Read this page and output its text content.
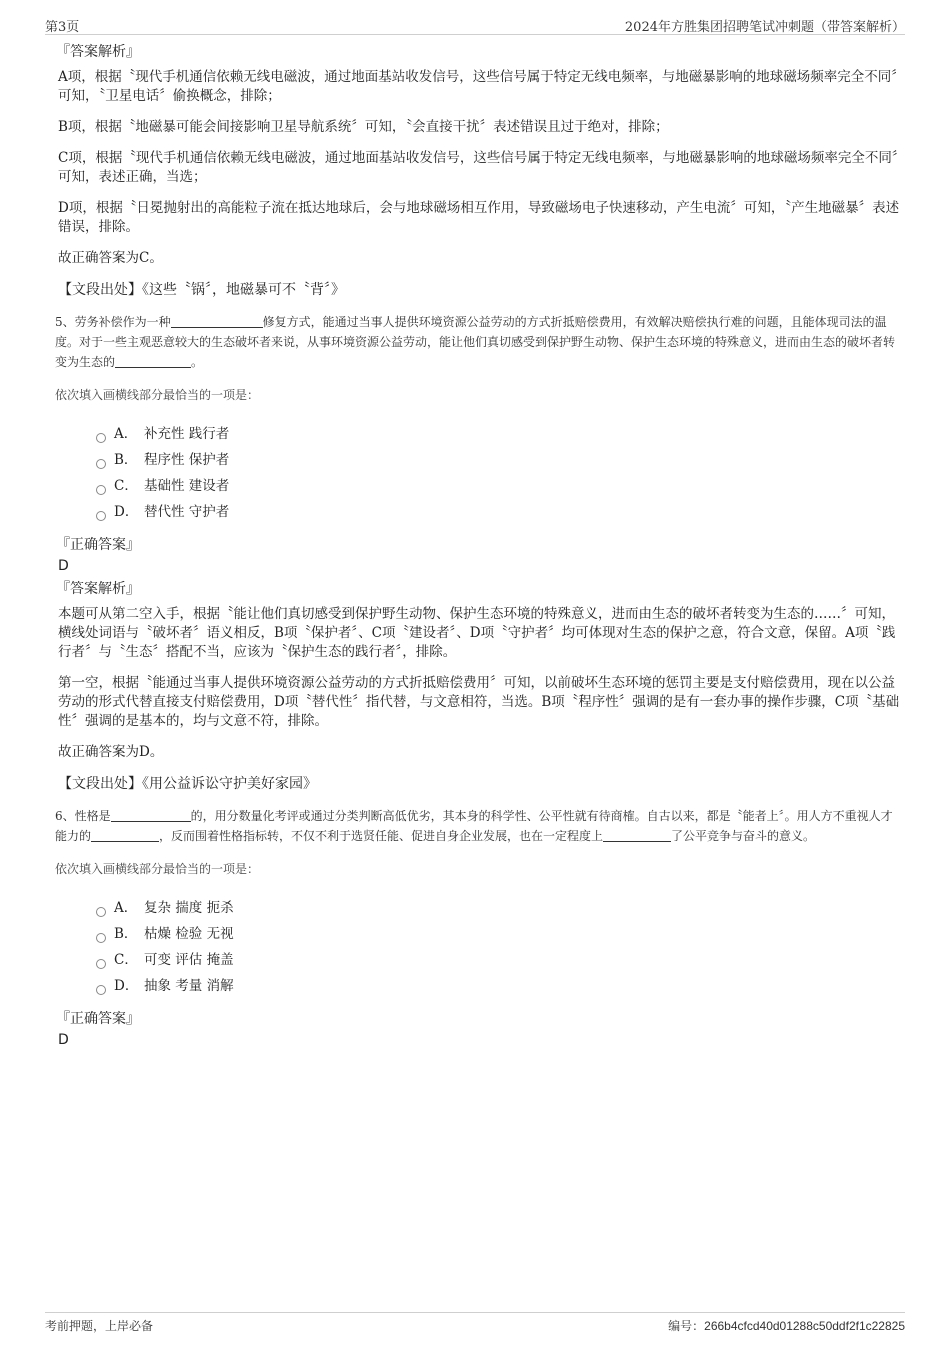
第3页	2024年方胜集团招聘笔试冲刺题（带答案解析）
『答案解析』

A项，根据〝现代手机通信依赖无线电磁波，通过地面基站收发信号，这些信号属于特定无线电频率，与地磁暴影响的地球磁场频率完全不同〞可知，〝卫星电话〞偷换概念，排除；

B项，根据〝地磁暴可能会间接影响卫星导航系统〞可知，〝会直接干扰〞表述错误且过于绝对，排除；

C项，根据〝现代手机通信依赖无线电磁波，通过地面基站收发信号，这些信号属于特定无线电频率，与地磁暴影响的地球磁场频率完全不同〞可知，表述正确，当选；

D项，根据〝日冕抛射出的高能粒子流在抵达地球后，会与地球磁场相互作用，导致磁场电子快速移动，产生电流〞可知，〝产生地磁暴〞表述错误，排除。

故正确答案为C。

【文段出处】《这些〝锅〞，地磁暴可不〝背〞》
5、劳务补偿作为一种	修复方式，能通过当事人提供环境资源公益劳动的方式折抵赔偿费用，有效解决赔偿执行难的问题，且能体现司法的温度。对于一些主观恶意较大的生态破坏者来说，从事环境资源公益劳动，能让他们真切感受到保护野生动物、保护生态环境的特殊意义，进而由生态的破坏者转变为生态的	。
依次填入画横线部分最恰当的一项是：
A． 补充性 践行者
B． 程序性 保护者
C． 基础性 建设者
D． 替代性 守护者
『正确答案』
D
『答案解析』

本题可从第二空入手，根据〝能让他们真切感受到保护野生动物、保护生态环境的特殊意义，进而由生态的破坏者转变为生态的……〞可知，横线处词语与〝破坏者〞语义相反，B项〝保护者〞、C项〝建设者〞、D项〝守护者〞均可体现对生态的保护之意，符合文意，保留。A项〝践行者〞与〝生态〞搭配不当，应该为〝保护生态的践行者〞，排除。

第一空，根据〝能通过当事人提供环境资源公益劳动的方式折抵赔偿费用〞可知，以前破坏生态环境的惩罚主要是支付赔偿费用，现在以公益劳动的形式代替直接支付赔偿费用，D项〝替代性〞指代替，与文意相符，当选。B项〝程序性〞强调的是有一套办事的操作步骤，C项〝基础性〞强调的是基本的，均与文意不符，排除。

故正确答案为D。

【文段出处】《用公益诉讼守护美好家园》
6、性格是	的，用分数量化考评或通过分类判断高低优劣，其本身的科学性、公平性就有待商榷。自古以来，都是〝能者上〞。用人方不重视人才能力的	，反而围着性格指标转，不仅不利于选贤任能、促进自身企业发展，也在一定程度上	了公平竞争与奋斗的意义。
依次填入画横线部分最恰当的一项是：
A． 复杂 揣度 扼杀
B． 枯燥 检验 无视
C． 可变 评估 掩盖
D． 抽象 考量 消解
『正确答案』
D
考前押题，上岸必备	编号：266b4cfcd40d01288c50ddf2f1c22825
